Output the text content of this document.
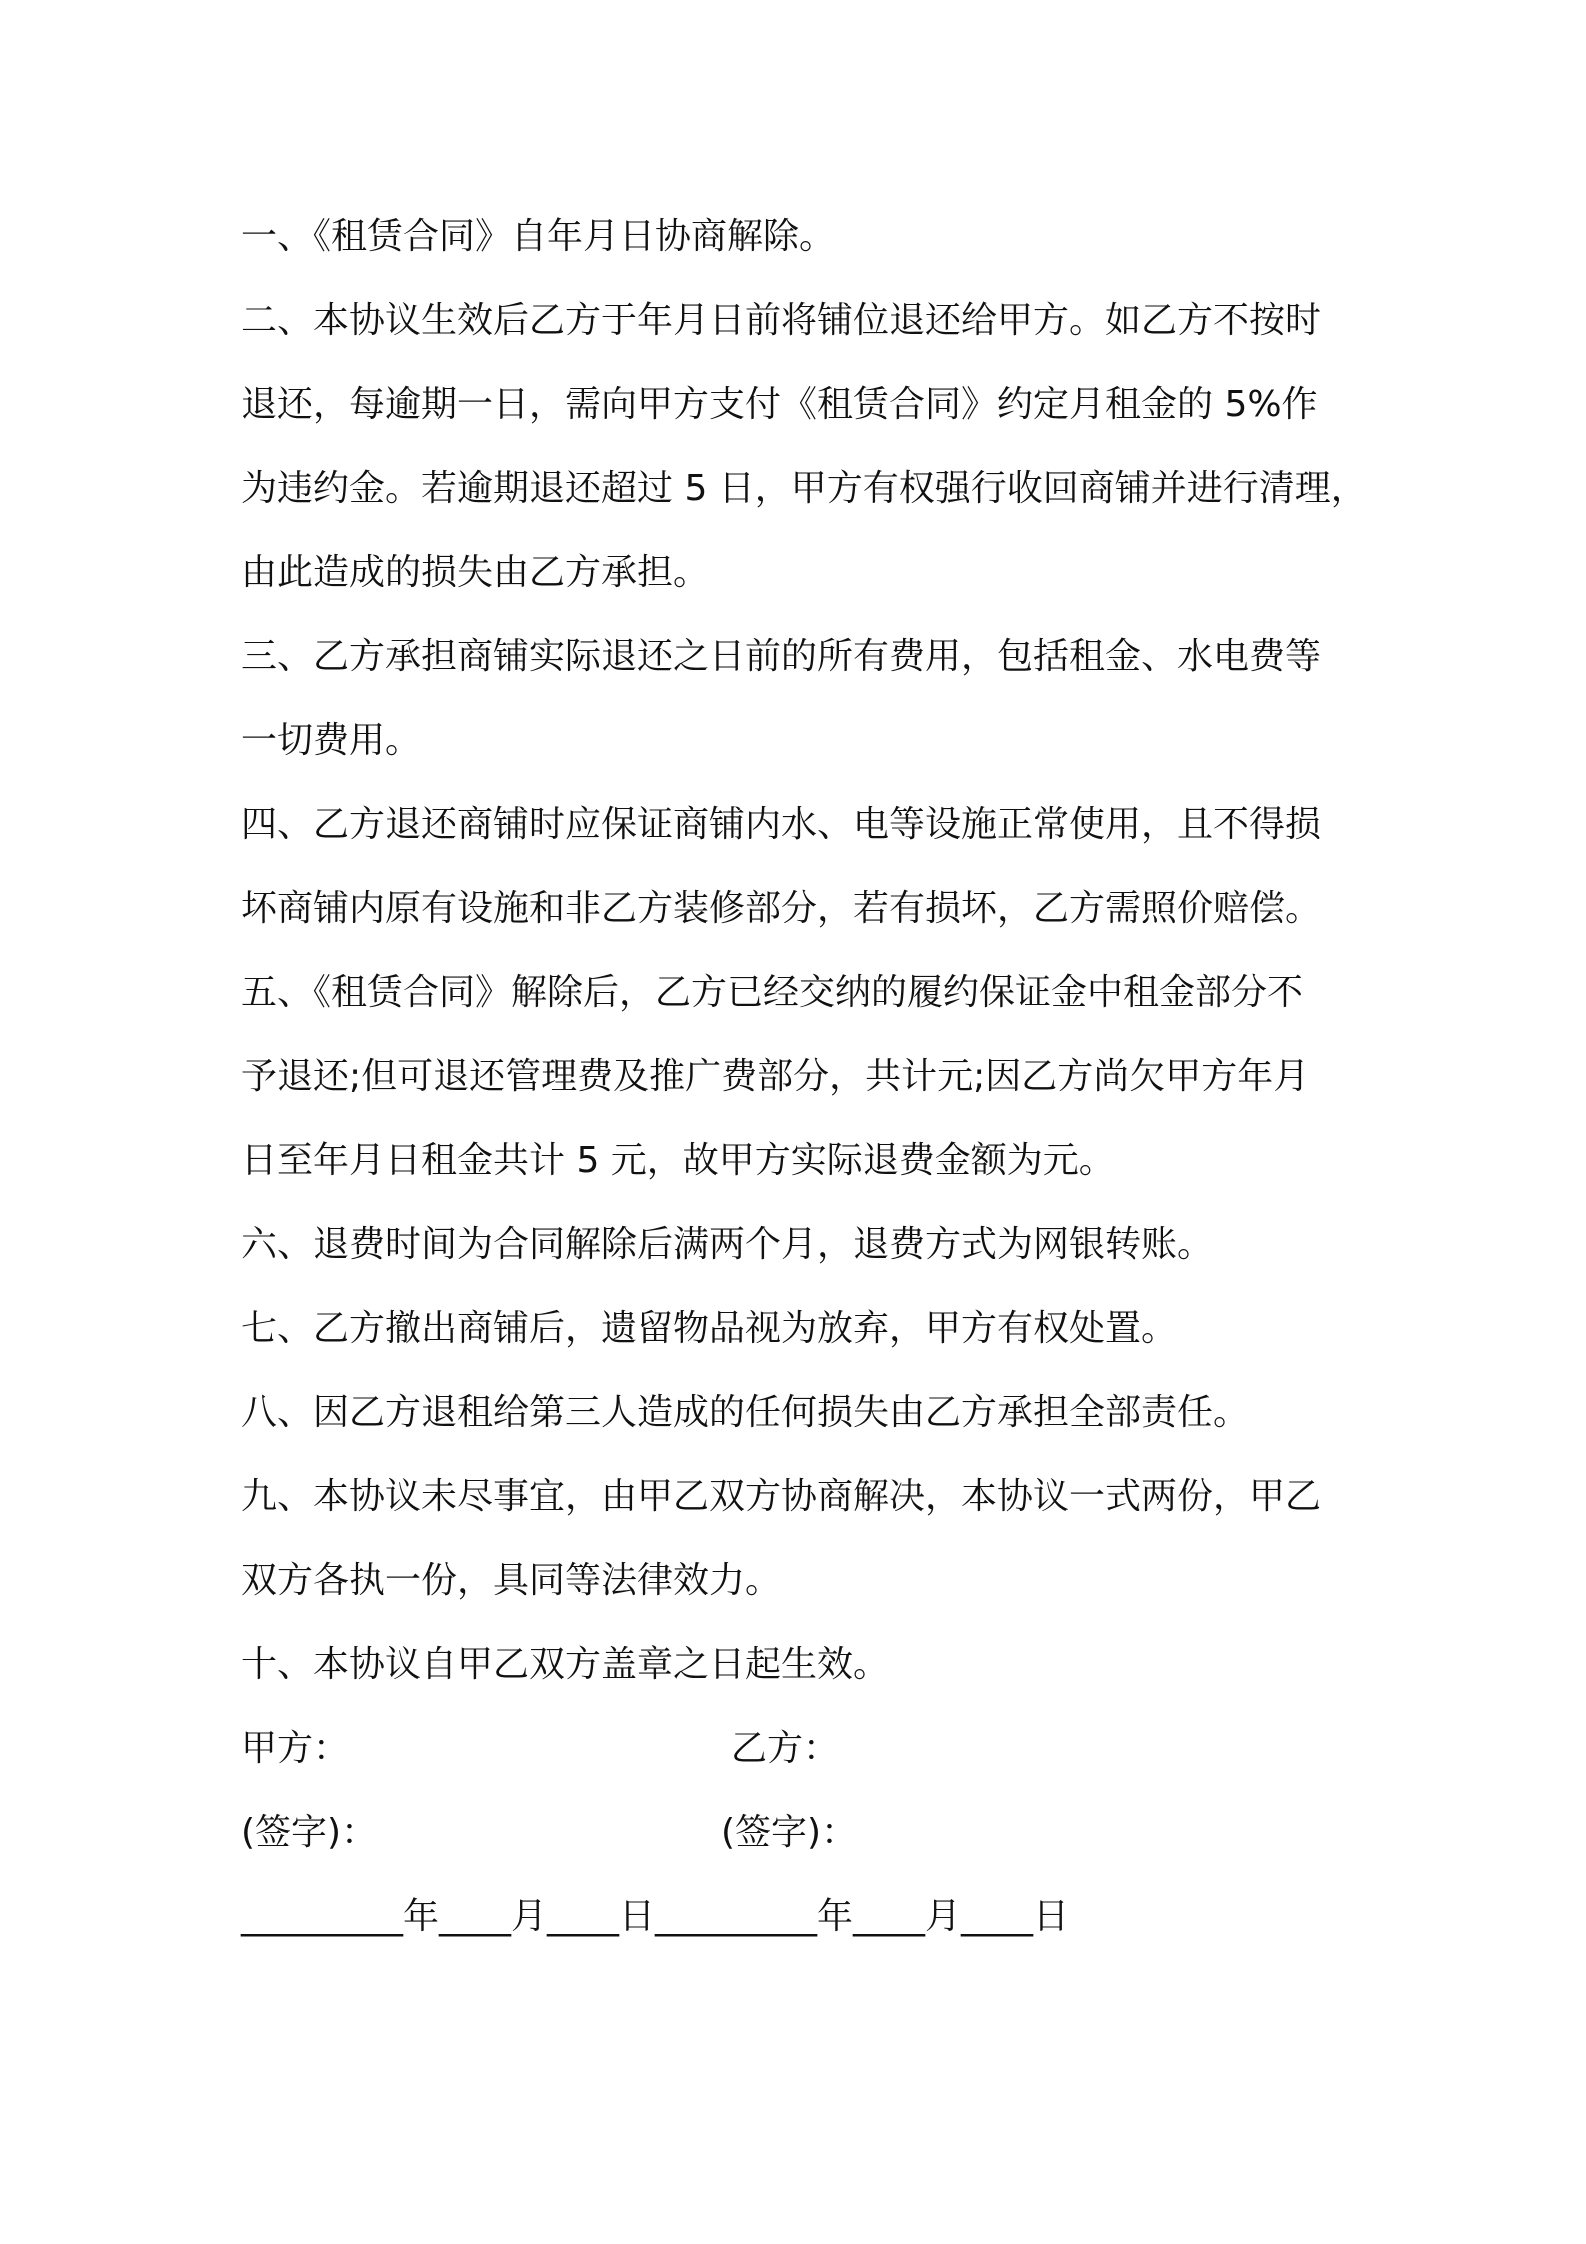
一、《租赁合同》自年月日协商解除。
二、本协议生效后乙方于年月日前将铺位退还给甲方。如乙方不按时
退还，每逾期一日，需向甲方支付《租赁合同》约定月租金的 5%作
为违约金。若逾期退还超过 5 日，甲方有权强行收回商铺并进行清理，
由此造成的损失由乙方承担。
三、乙方承担商铺实际退还之日前的所有费用，包括租金、水电费等
一切费用。
四、乙方退还商铺时应保证商铺内水、电等设施正常使用，且不得损
坏商铺内原有设施和非乙方装修部分，若有损坏，乙方需照价赔偿。
五、《租赁合同》解除后，乙方已经交纳的履约保证金中租金部分不
予退还;但可退还管理费及推广费部分，共计元;因乙方尚欠甲方年月
日至年月日租金共计 5 元，故甲方实际退费金额为元。
六、退费时间为合同解除后满两个月，退费方式为网银转账。
七、乙方撤出商铺后，遗留物品视为放弃，甲方有权处置。
八、因乙方退租给第三人造成的任何损失由乙方承担全部责任。
九、本协议未尽事宜，由甲乙双方协商解决，本协议一式两份，甲乙
双方各执一份，具同等法律效力。
十、本协议自甲乙双方盖章之日起生效。
甲方：	乙方：
(签字)：	(签字)：
_________年____月____日_________年____月____日
